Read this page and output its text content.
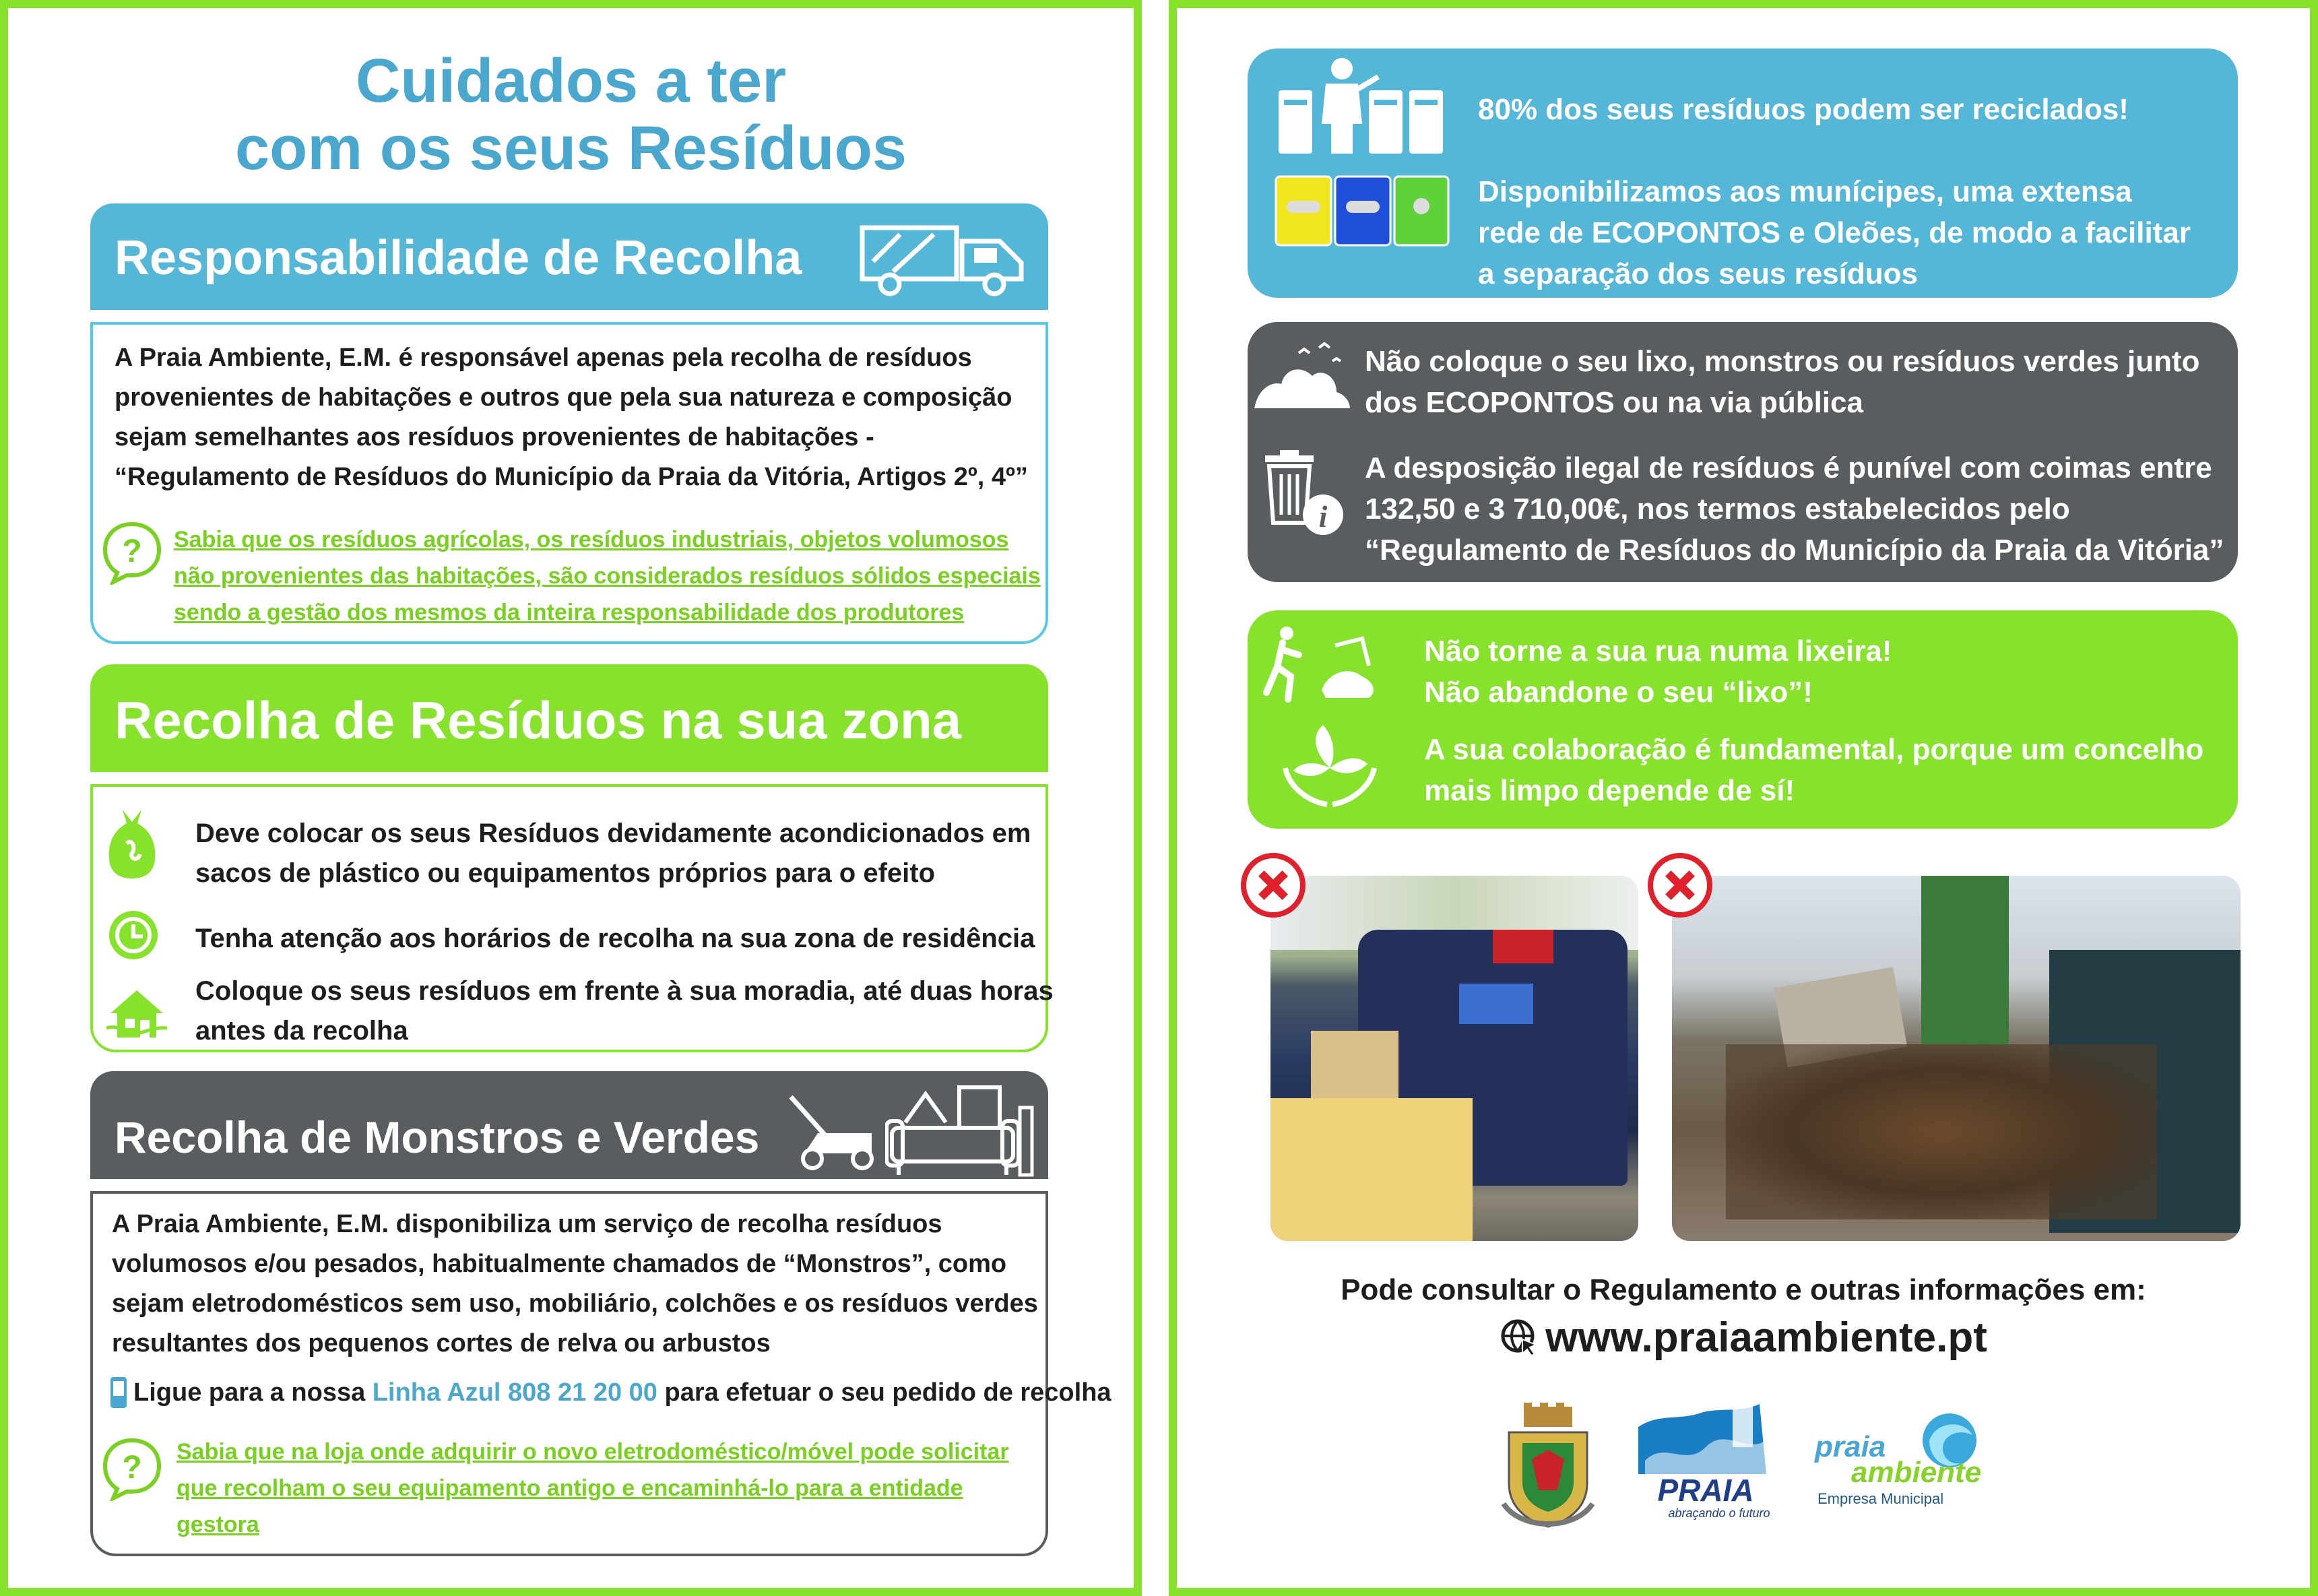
Cuidados a ter
com os seus Resíduos
Responsabilidade de Recolha
A Praia Ambiente, E.M. é responsável apenas pela recolha de resíduos
provenientes de habitações e outros que pela sua natureza e composição
sejam semelhantes aos resíduos provenientes de habitações -
“Regulamento de Resíduos do Município da Praia da Vitória, Artigos 2º, 4º”
? Sabia que os resíduos agrícolas, os resíduos industriais, objetos volumosos
não provenientes das habitações, são considerados resíduos sólidos especiais
sendo a gestão dos mesmos da inteira responsabilidade dos produtores
Recolha de Resíduos na sua zona
Deve colocar os seus Resíduos devidamente acondicionados em
sacos de plástico ou equipamentos próprios para o efeito
Tenha atenção aos horários de recolha na sua zona de residência
Coloque os seus resíduos em frente à sua moradia, até duas horas
antes da recolha
Recolha de Monstros e Verdes
A Praia Ambiente, E.M. disponibiliza um serviço de recolha resíduos
volumosos e/ou pesados, habitualmente chamados de “Monstros”, como
sejam eletrodomésticos sem uso, mobiliário, colchões e os resíduos verdes
resultantes dos pequenos cortes de relva ou arbustos
Ligue para a nossa Linha Azul 808 21 20 00 para efetuar o seu pedido de recolha
? Sabia que na loja onde adquirir o novo eletrodoméstico/móvel pode solicitar
que recolham o seu equipamento antigo e encaminhá-lo para a entidade
gestora
80% dos seus resíduos podem ser reciclados!
Disponibilizamos aos munícipes, uma extensa
rede de ECOPONTOS e Oleões, de modo a facilitar
a separação dos seus resíduos
i
Não coloque o seu lixo, monstros ou resíduos verdes junto
dos ECOPONTOS ou na via pública
A desposição ilegal de resíduos é punível com coimas entre
132,50 e 3 710,00€, nos termos estabelecidos pelo
“Regulamento de Resíduos do Município da Praia da Vitória”
Não torne a sua rua numa lixeira!
Não abandone o seu “lixo”!
A sua colaboração é fundamental, porque um concelho
mais limpo depende de sí!
Pode consultar o Regulamento e outras informações em:
www.praiaambiente.pt
PRAIA
abraçando o futuro
praia
ambiente
Empresa Municipal
